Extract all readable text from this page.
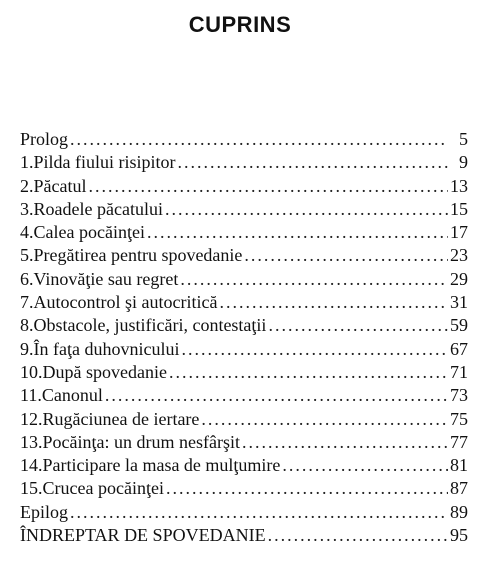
CUPRINS
Prolog .....	5
1.Pilda fiului risipitor .....	9
2.Păcatul .....	13
3.Roadele păcatului .....	15
4.Calea pocăinţei .....	17
5.Pregătirea pentru spovedanie .....	23
6.Vinovăţie sau regret .....	29
7.Autocontrol şi autocritică .....	31
8.Obstacole, justificări, contestaţii .....	59
9.În faţa duhovnicului .....	67
10.După spovedanie .....	71
11.Canonul .....	73
12.Rugăciunea de iertare .....	75
13.Pocăinţa: un drum nesfârşit .....	77
14.Participare la masa de mulţumire .....	81
15.Crucea pocăinţei .....	87
Epilog .....	89
ÎNDREPTAR DE SPOVEDANIE .....	95
